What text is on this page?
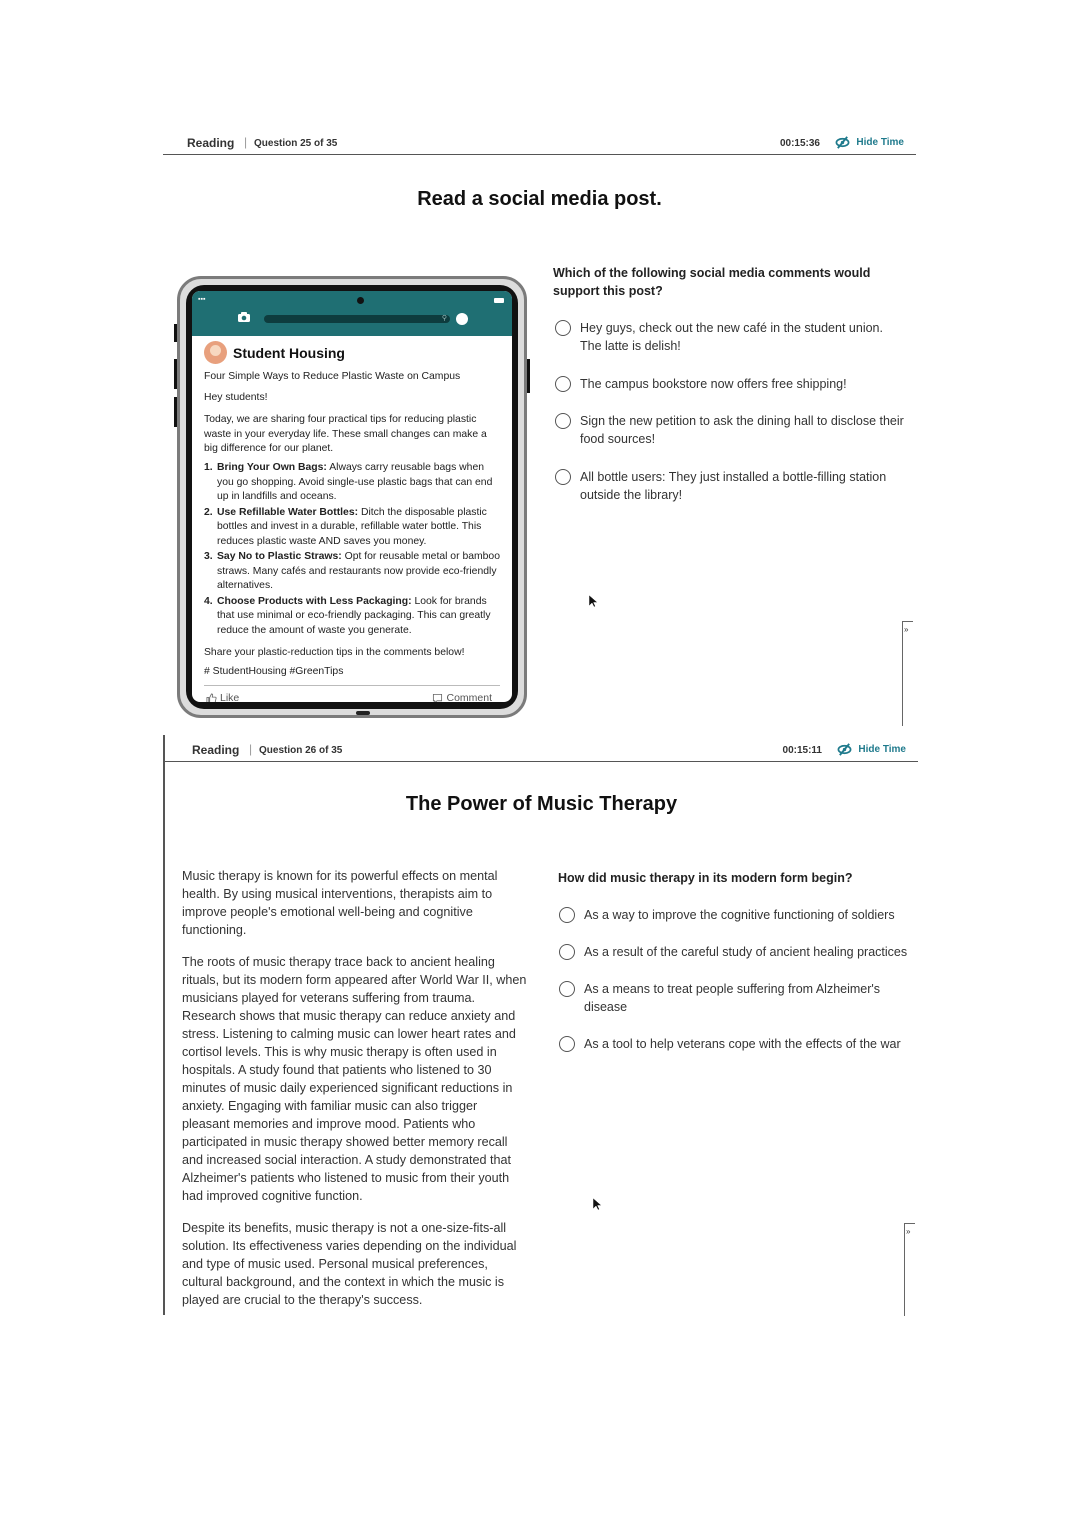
Reading | Question 25 of 35	00:15:36	Hide Time
Read a social media post.
▪▪▪
⚲
Student Housing
Four Simple Ways to Reduce Plastic Waste on Campus
Hey students!
Today, we are sharing four practical tips for reducing plastic waste in your everyday life. These small changes can make a big difference for our planet.
1. Bring Your Own Bags: Always carry reusable bags when you go shopping. Avoid single-use plastic bags that can end up in landfills and oceans.
2. Use Refillable Water Bottles: Ditch the disposable plastic bottles and invest in a durable, refillable water bottle. This reduces plastic waste AND saves you money.
3. Say No to Plastic Straws: Opt for reusable metal or bamboo straws. Many cafés and restaurants now provide eco-friendly alternatives.
4. Choose Products with Less Packaging: Look for brands that use minimal or eco-friendly packaging. This can greatly reduce the amount of waste you generate.
Share your plastic-reduction tips in the comments below!
# StudentHousing #GreenTips
Like	Comment
Which of the following social media comments would support this post?
Hey guys, check out the new café in the student union. The latte is delish!
The campus bookstore now offers free shipping!
Sign the new petition to ask the dining hall to disclose their food sources!
All bottle users: They just installed a bottle-filling station outside the library!
»
Reading | Question 26 of 35	00:15:11	Hide Time
The Power of Music Therapy

Music therapy is known for its powerful effects on mental health. By using musical interventions, therapists aim to improve people's emotional well-being and cognitive functioning.

The roots of music therapy trace back to ancient healing rituals, but its modern form appeared after World War II, when musicians played for veterans suffering from trauma. Research shows that music therapy can reduce anxiety and stress. Listening to calming music can lower heart rates and cortisol levels. This is why music therapy is often used in hospitals. A study found that patients who listened to 30 minutes of music daily experienced significant reductions in anxiety. Engaging with familiar music can also trigger pleasant memories and improve mood. Patients who participated in music therapy showed better memory recall and increased social interaction. A study demonstrated that Alzheimer's patients who listened to music from their youth had improved cognitive function.

Despite its benefits, music therapy is not a one-size-fits-all solution. Its effectiveness varies depending on the individual and type of music used. Personal musical preferences, cultural background, and the context in which the music is played are crucial to the therapy's success.

How did music therapy in its modern form begin?
As a way to improve the cognitive functioning of soldiers
As a result of the careful study of ancient healing practices
As a means to treat people suffering from Alzheimer's disease
As a tool to help veterans cope with the effects of the war
»
